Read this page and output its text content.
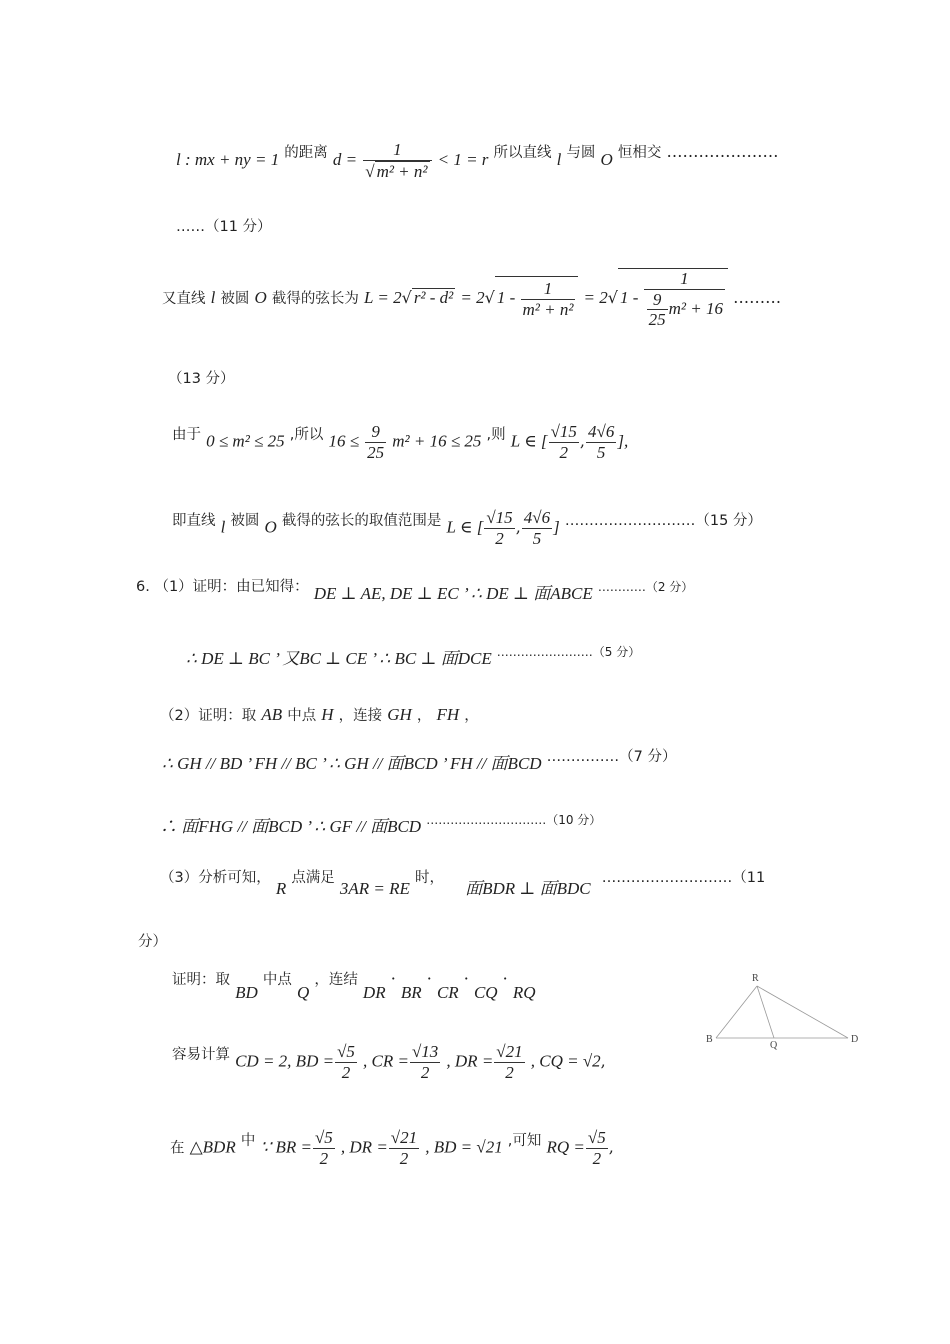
l : mx + ny = 1 的距离 $d = \frac{1}{\text{√ m² + n²}} < 1 = r$ 所以直线 l 与圆 O 恒相交 …………………
……（11 分）
又直线 l 被圆 O 截得的弦长为 L = 2√ r² - d² = 2√ $1 - \frac{1}{\text{m² + n²}} = 2√$ $1 - \frac{1}{\frac{9}{25} m^2 + 16}$ ………
（13 分）
由于 0 ≤ m² ≤ 25 ,所以 $16 \le \frac{9}{25} m^2 + 16 \le 25$ ,则 L ∈ [ $\frac{√15}{2}$ , $\frac{4√6}{5}$ ],
即直线 l 被圆 O 截得的弦长的取值范围是 L ∈ [ $\frac{√15}{2}$ , $\frac{4√6}{5}$ ] ………………………（15 分）
6. （1）证明：由已知得： DE ⊥ AE, DE ⊥ EC ’ ∴ DE ⊥ 面ABCE $^{\dots\dots\dots\dots(2 分)}$
∴ DE ⊥ BC ’ 又BC ⊥ CE ’ ∴ BC ⊥ 面DCE $^{\dots\dots\dots\dots\dots\dots\dots\dots(5 分)}$
（2）证明：取 AB 中点 H ，连接 GH ， FH ，
∴ GH // BD ’ FH // BC ’ ∴ GH // 面BCD ’ FH // 面BCD ……………（7 分）
∴ 面FHG // 面BCD ’ ∴ GF // 面BCD $^{\dots\dots\dots\dots\dots\dots\dots\dots\dots\dots(10 分)}$
（3）分析可知， R 点满足 3AR = RE 时， 面BDR ⊥ 面BDC ………………………（11
分）
证明：取 BD 中点 Q ，连结 DR · BR · CR · CQ · RQ
容易计算 CD = 2, BD = $\frac{√5}{2}$ , CR = $\frac{√13}{2}$ , DR = $\frac{√21}{2}$ , CQ = √2,
在 △BDR 中 ∵ BR = $\frac{√5}{2}$ , DR = $\frac{√21}{2}$ , BD = √21 ,可知 RQ = $\frac{√5}{2}$ ,
R
B
Q
D
